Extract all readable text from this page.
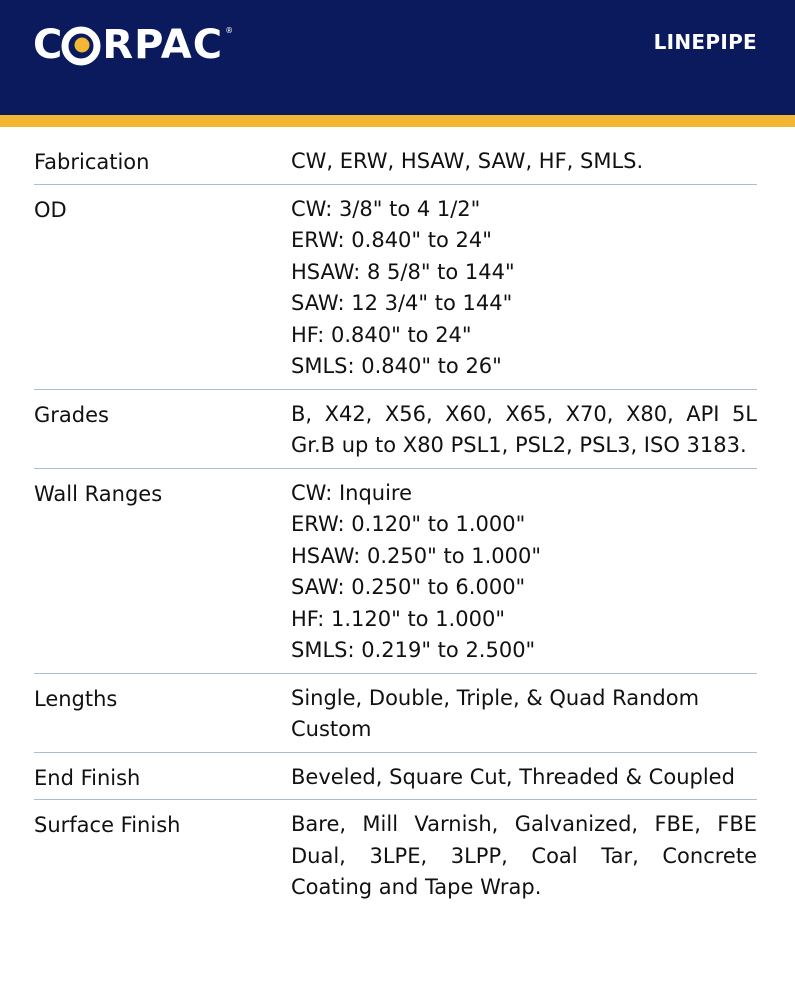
C RPAC ®	LINEPIPE
Fabrication	CW, ERW, HSAW, SAW, HF, SMLS.
OD	CW: 3/8" to 4 1/2"
ERW: 0.840" to 24"
HSAW: 8 5/8" to 144"
SAW: 12 3/4" to 144"
HF: 0.840" to 24"
SMLS: 0.840" to 26"
Grades	B, X42, X56, X60, X65, X70, X80, API 5L Gr.B up to X80 PSL1, PSL2, PSL3, ISO 3183.
Wall Ranges	CW: Inquire
ERW: 0.120" to 1.000"
HSAW: 0.250" to 1.000"
SAW: 0.250" to 6.000"
HF: 1.120" to 1.000"
SMLS: 0.219" to 2.500"
Lengths	Single, Double, Triple, & Quad Random
Custom
End Finish	Beveled, Square Cut, Threaded & Coupled
Surface Finish	Bare, Mill Varnish, Galvanized, FBE, FBE Dual, 3LPE, 3LPP, Coal Tar, Concrete Coating and Tape Wrap.
